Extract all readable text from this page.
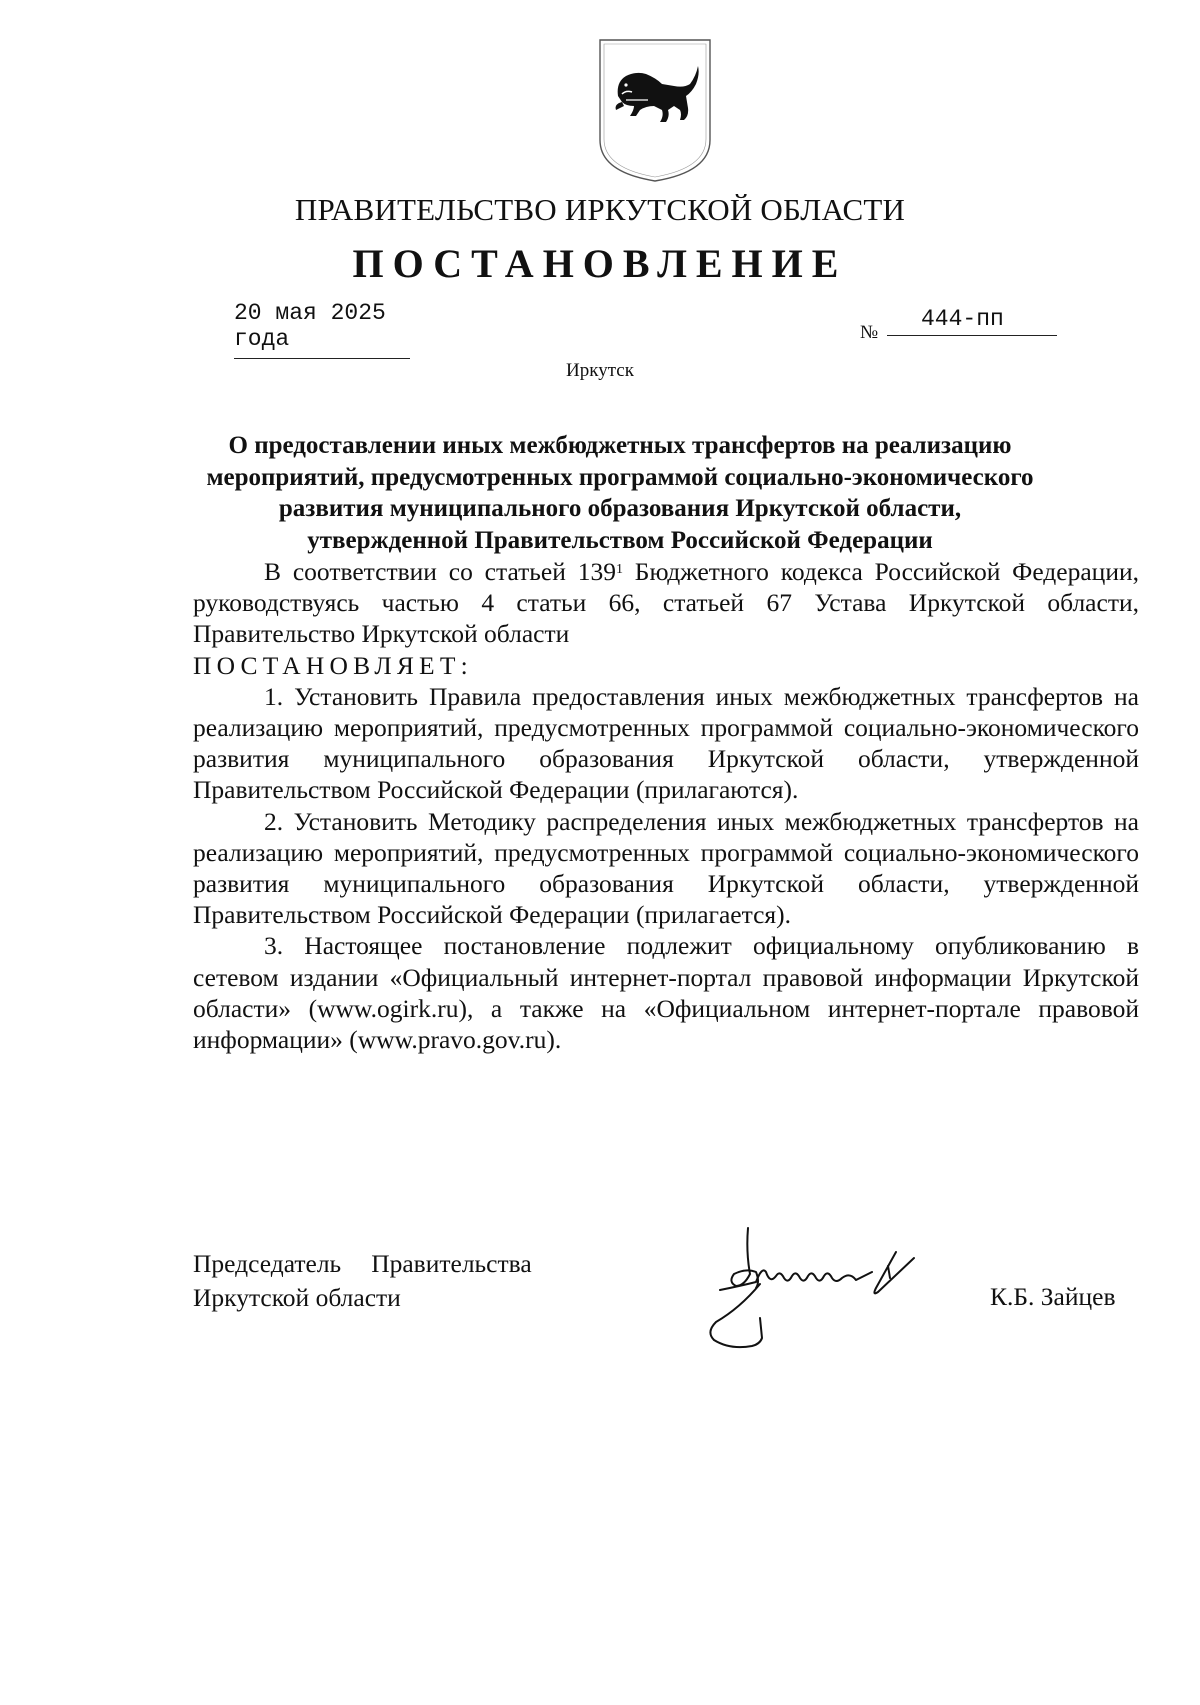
ПРАВИТЕЛЬСТВО ИРКУТСКОЙ ОБЛАСТИ
ПОСТАНОВЛЕНИЕ
20 мая 2025 года	№
444-пп
Иркутск
О предоставлении иных межбюджетных трансфертов на реализацию
мероприятий, предусмотренных программой социально-экономического
развития муниципального образования Иркутской области,
утвержденной Правительством Российской Федерации

В соответствии со статьей $139^1$ Бюджетного кодекса Российской Федерации, руководствуясь частью 4 статьи 66, статьей 67 Устава Иркутской области, Правительство Иркутской области

ПОСТАНОВЛЯЕТ:

1. Установить Правила предоставления иных межбюджетных трансфертов на реализацию мероприятий, предусмотренных программой социально-экономического развития муниципального образования Иркутской области, утвержденной Правительством Российской Федерации (прилагаются).

2. Установить Методику распределения иных межбюджетных трансфертов на реализацию мероприятий, предусмотренных программой социально-экономического развития муниципального образования Иркутской области, утвержденной Правительством Российской Федерации (прилагается).

3. Настоящее постановление подлежит официальному опубликованию в сетевом издании «Официальный интернет-портал правовой информации Иркутской области» (www.ogirk.ru), а также на «Официальном интернет-портале правовой информации» (www.pravo.gov.ru).

Председатель Правительства
Иркутской области	К.Б. Зайцев
